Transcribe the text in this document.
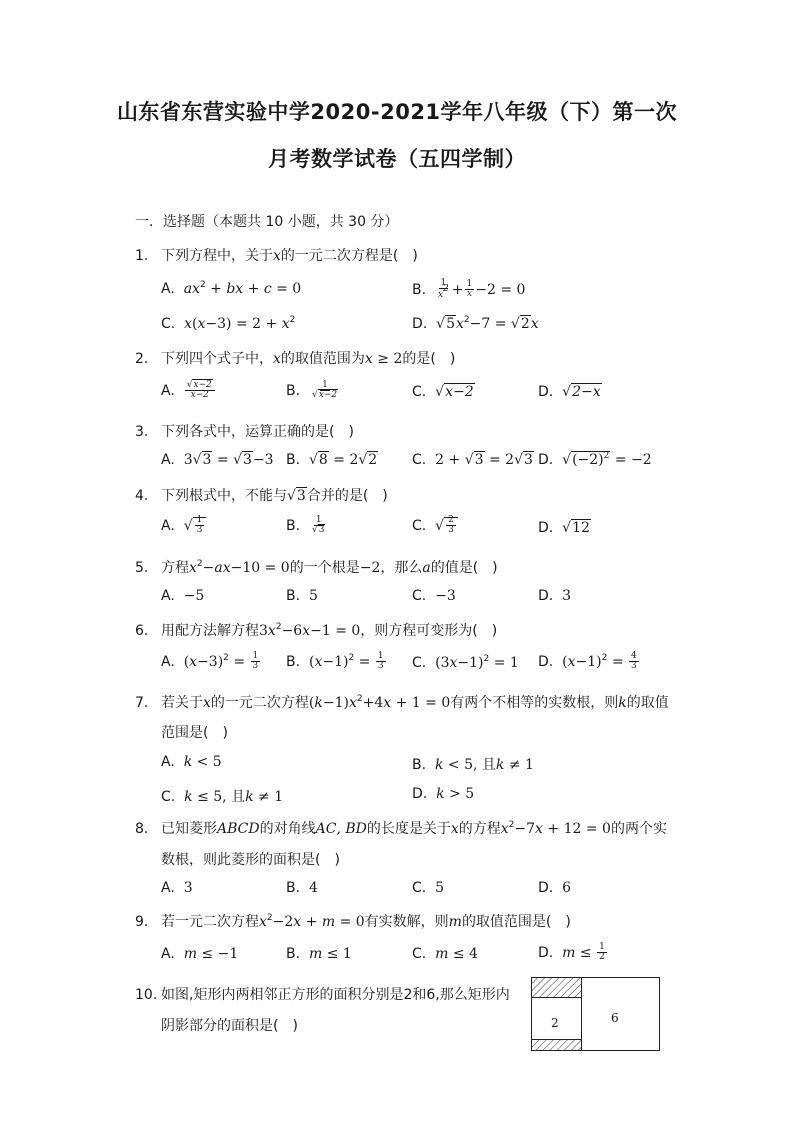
山东省东营实验中学2020-2021学年八年级（下）第一次
月考数学试卷（五四学制）
一．选择题（本题共 10 小题，共 30 分）
1. 下列方程中，关于x的一元二次方程是(　)
A. $ax^2$ + bx + c = 0	B. $\frac{1}{x^2} + \frac{1}{x} -2 = 0$
C. $x(x-3) = 2 + x^2$	D. $√5x^2-7 = √2x$
2. 下列四个式子中，x的取值范围为x ≥ 2的是(　)
A. $\frac{√x-2}{x-2}$	B. $\frac{1}{√x-2}$	C. √x−2	D. √2−x
3. 下列各式中，运算正确的是(　)
A. 3√3 = √3−3 B. √8 = 2√2 C. 2 + √3 = 2√3 D. $√(-2)^2 = -2$
4. 下列根式中，不能与√3合并的是(　)
A. √ $\frac{1}{3}$	B. $\frac{1}{√3}$	C. √ $\frac{2}{3}$	D. √12
5. 方程$x^2-ax-10 = 0$的一个根是−2，那么a的值是(　)
A. −5	B. 5	C. −3	D. 3
6. 用配方法解方程$3x^2-6x-1 = 0$，则方程可变形为(　)
A. $(x-3)^2 = \frac{1}{3} B$. $(x-1)^2 = \frac{1}{3} C$. $(3x-1)^2 = 1$ D. $(x-1)^2 = \frac{4}{3}$
7. 若关于x的一元二次方程$(k-1)x^2+4x + 1 = 0$有两个不相等的实数根，则k的取值
范围是(　)
A. k < 5	B. k < 5, 且k ≠ 1
C. k ≤ 5, 且k ≠ 1	D. k > 5
8. 已知菱形ABCD的对角线AC, BD的长度是关于x的方程$x^2-7x + 12 = 0$的两个实
数根，则此菱形的面积是(　)
A. 3	B. 4	C. 5	D. 6
9. 若一元二次方程$x^2-2x + m = 0$有实数解，则m的取值范围是(　)
A. m ≤ −1	B. m ≤ 1	C. m ≤ 4	D. $m \le \frac{1}{2}$
10. 如图,矩形内两相邻正方形的面积分别是2和6,那么矩形内
阴影部分的面积是(　)	2	6
